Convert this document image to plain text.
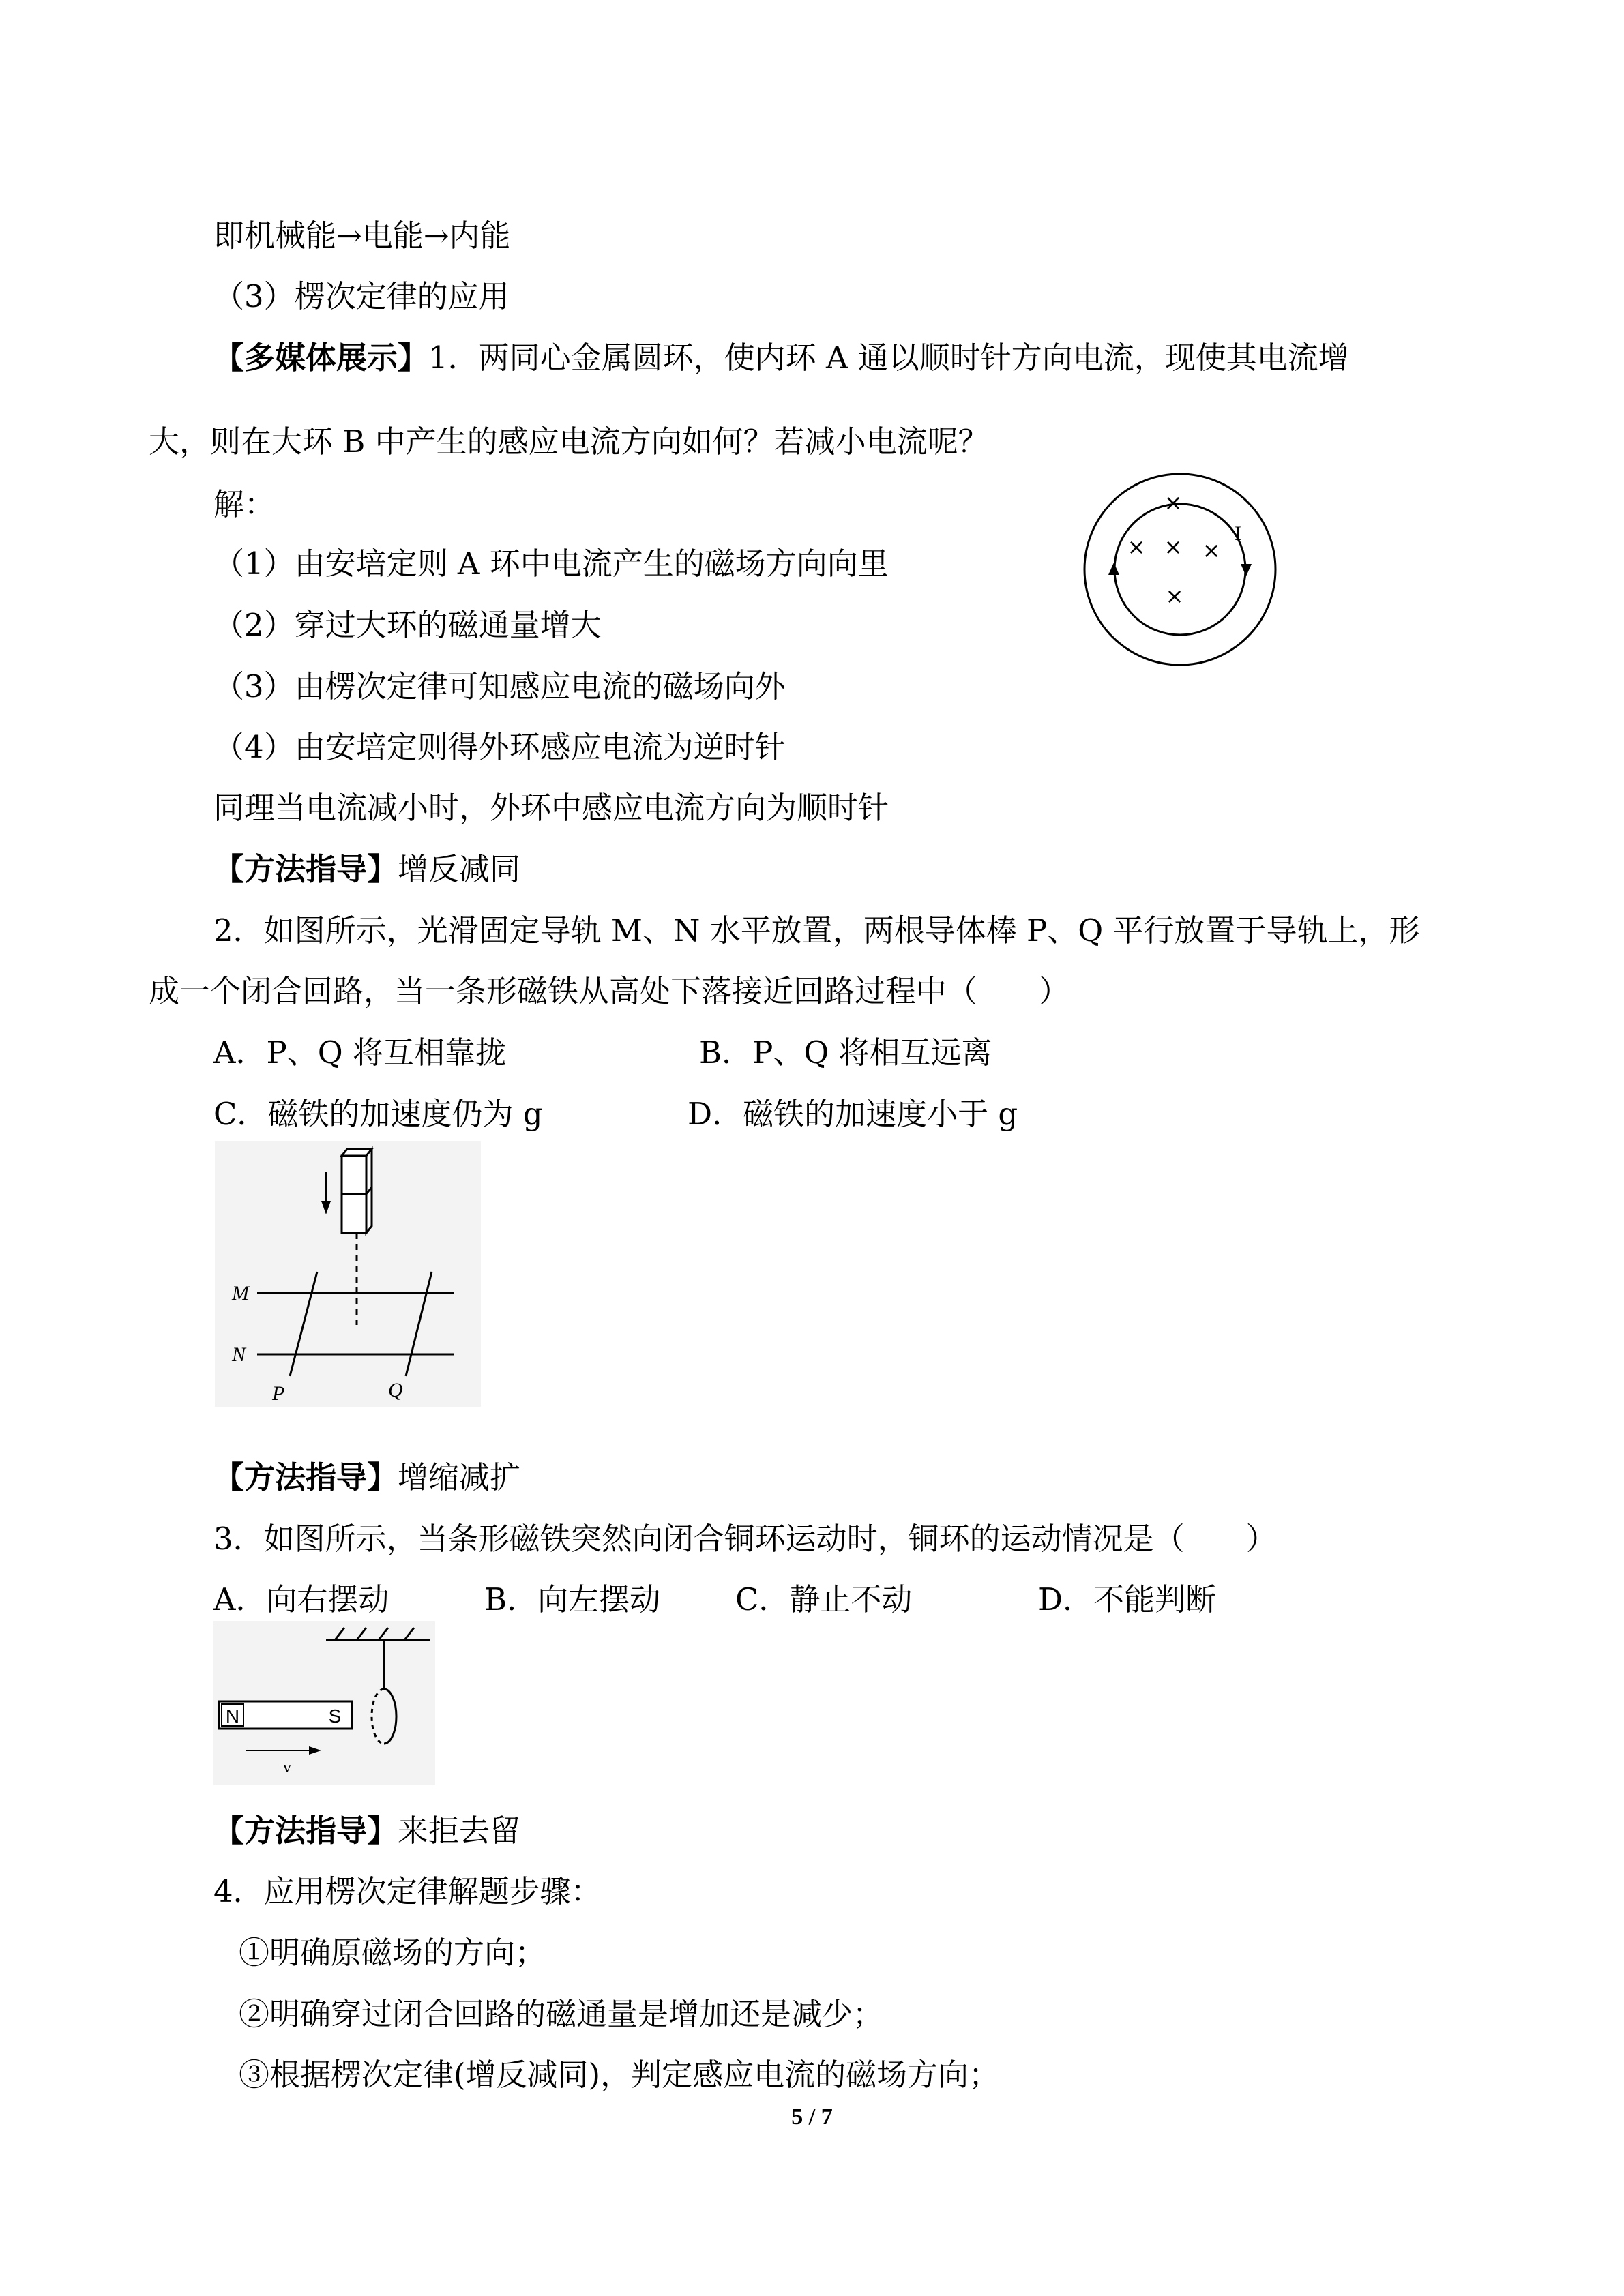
即机械能→电能→内能
（3）楞次定律的应用
【多媒体展示】1．两同心金属圆环，使内环 A 通以顺时针方向电流，现使其电流增
大，则在大环 B 中产生的感应电流方向如何？若减小电流呢？
解：
（1）由安培定则 A 环中电流产生的磁场方向向里
（2）穿过大环的磁通量增大
（3）由楞次定律可知感应电流的磁场向外
（4）由安培定则得外环感应电流为逆时针
同理当电流减小时，外环中感应电流方向为顺时针
【方法指导】增反减同
2．如图所示，光滑固定导轨 M、N 水平放置，两根导体棒 P、Q 平行放置于导轨上，形
成一个闭合回路，当一条形磁铁从高处下落接近回路过程中（　　）
A．P、Q 将互相靠拢	B．P、Q 将相互远离
C．磁铁的加速度仍为 g	D．磁铁的加速度小于 g
【方法指导】增缩减扩
3．如图所示，当条形磁铁突然向闭合铜环运动时，铜环的运动情况是（　　）
A．向右摆动	B．向左摆动 C．静止不动	D．不能判断
【方法指导】来拒去留
4．应用楞次定律解题步骤：
①明确原磁场的方向；
②明确穿过闭合回路的磁通量是增加还是减少；
③根据楞次定律(增反减同)，判定感应电流的磁场方向；
×
× × ×
×
I
M
N
P	Q
N	S
v
5 / 7
